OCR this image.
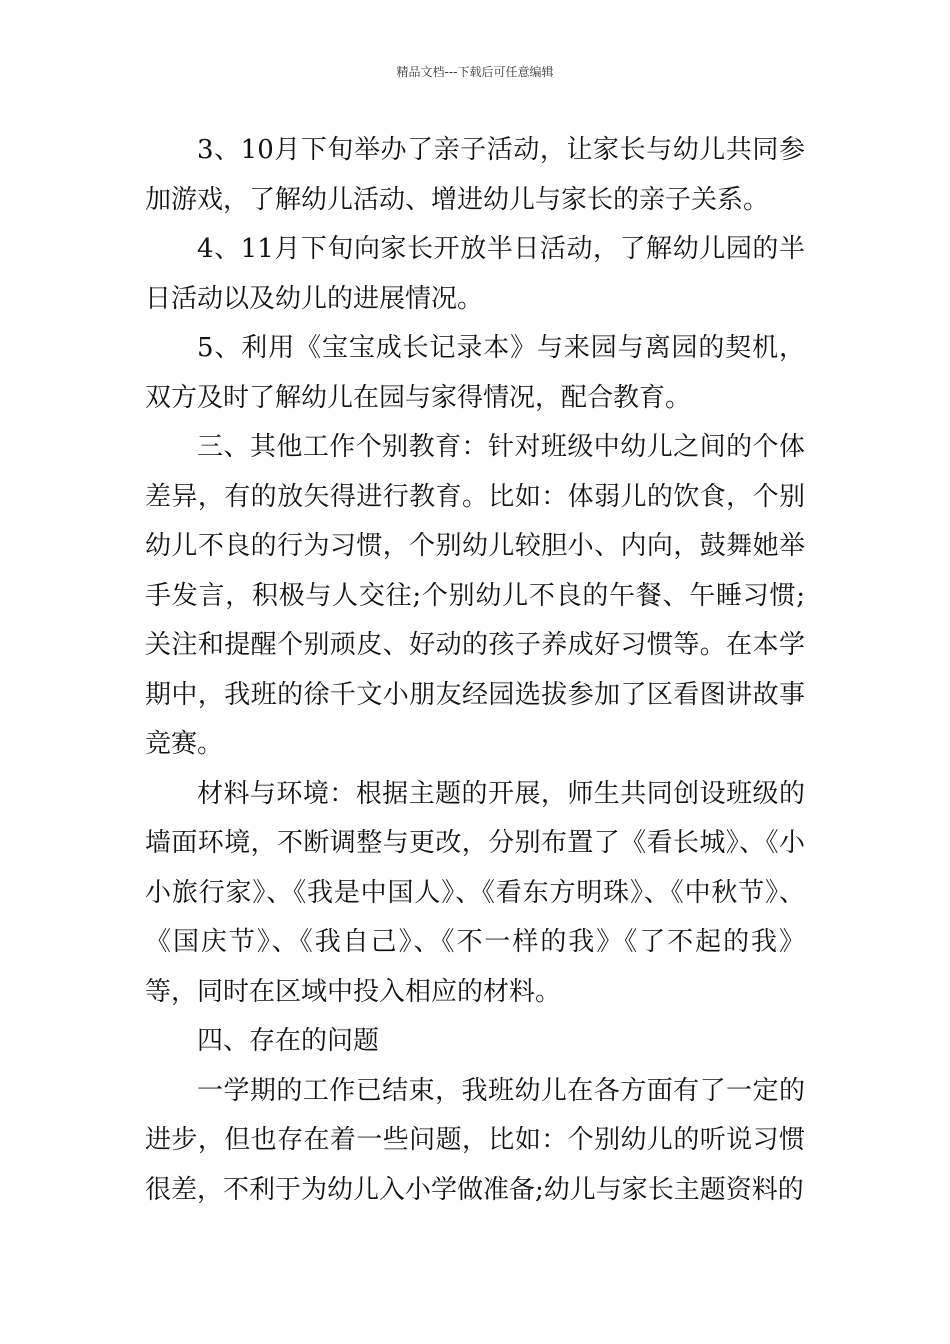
精品文档---下载后可任意编辑

3、10月下旬举办了亲子活动，让家长与幼儿共同参加游戏，了解幼儿活动、增进幼儿与家长的亲子关系。

4、11月下旬向家长开放半日活动，了解幼儿园的半日活动以及幼儿的进展情况。

5、利用《宝宝成长记录本》与来园与离园的契机，双方及时了解幼儿在园与家得情况，配合教育。

三、其他工作个别教育：针对班级中幼儿之间的个体差异，有的放矢得进行教育。比如：体弱儿的饮食，个别幼儿不良的行为习惯，个别幼儿较胆小、内向，鼓舞她举手发言，积极与人交往;个别幼儿不良的午餐、午睡习惯;关注和提醒个别顽皮、好动的孩子养成好习惯等。在本学期中，我班的徐千文小朋友经园选拔参加了区看图讲故事竞赛。

材料与环境：根据主题的开展，师生共同创设班级的墙面环境，不断调整与更改，分别布置了《看长城》、《小小旅行家》、《我是中国人》、《看东方明珠》、《中秋节》、《国庆节》、《我自己》、《不一样的我》《了不起的我》等，同时在区域中投入相应的材料。

四、存在的问题

一学期的工作已结束，我班幼儿在各方面有了一定的进步，但也存在着一些问题，比如：个别幼儿的听说习惯很差，不利于为幼儿入小学做准备;幼儿与家长主题资料的
